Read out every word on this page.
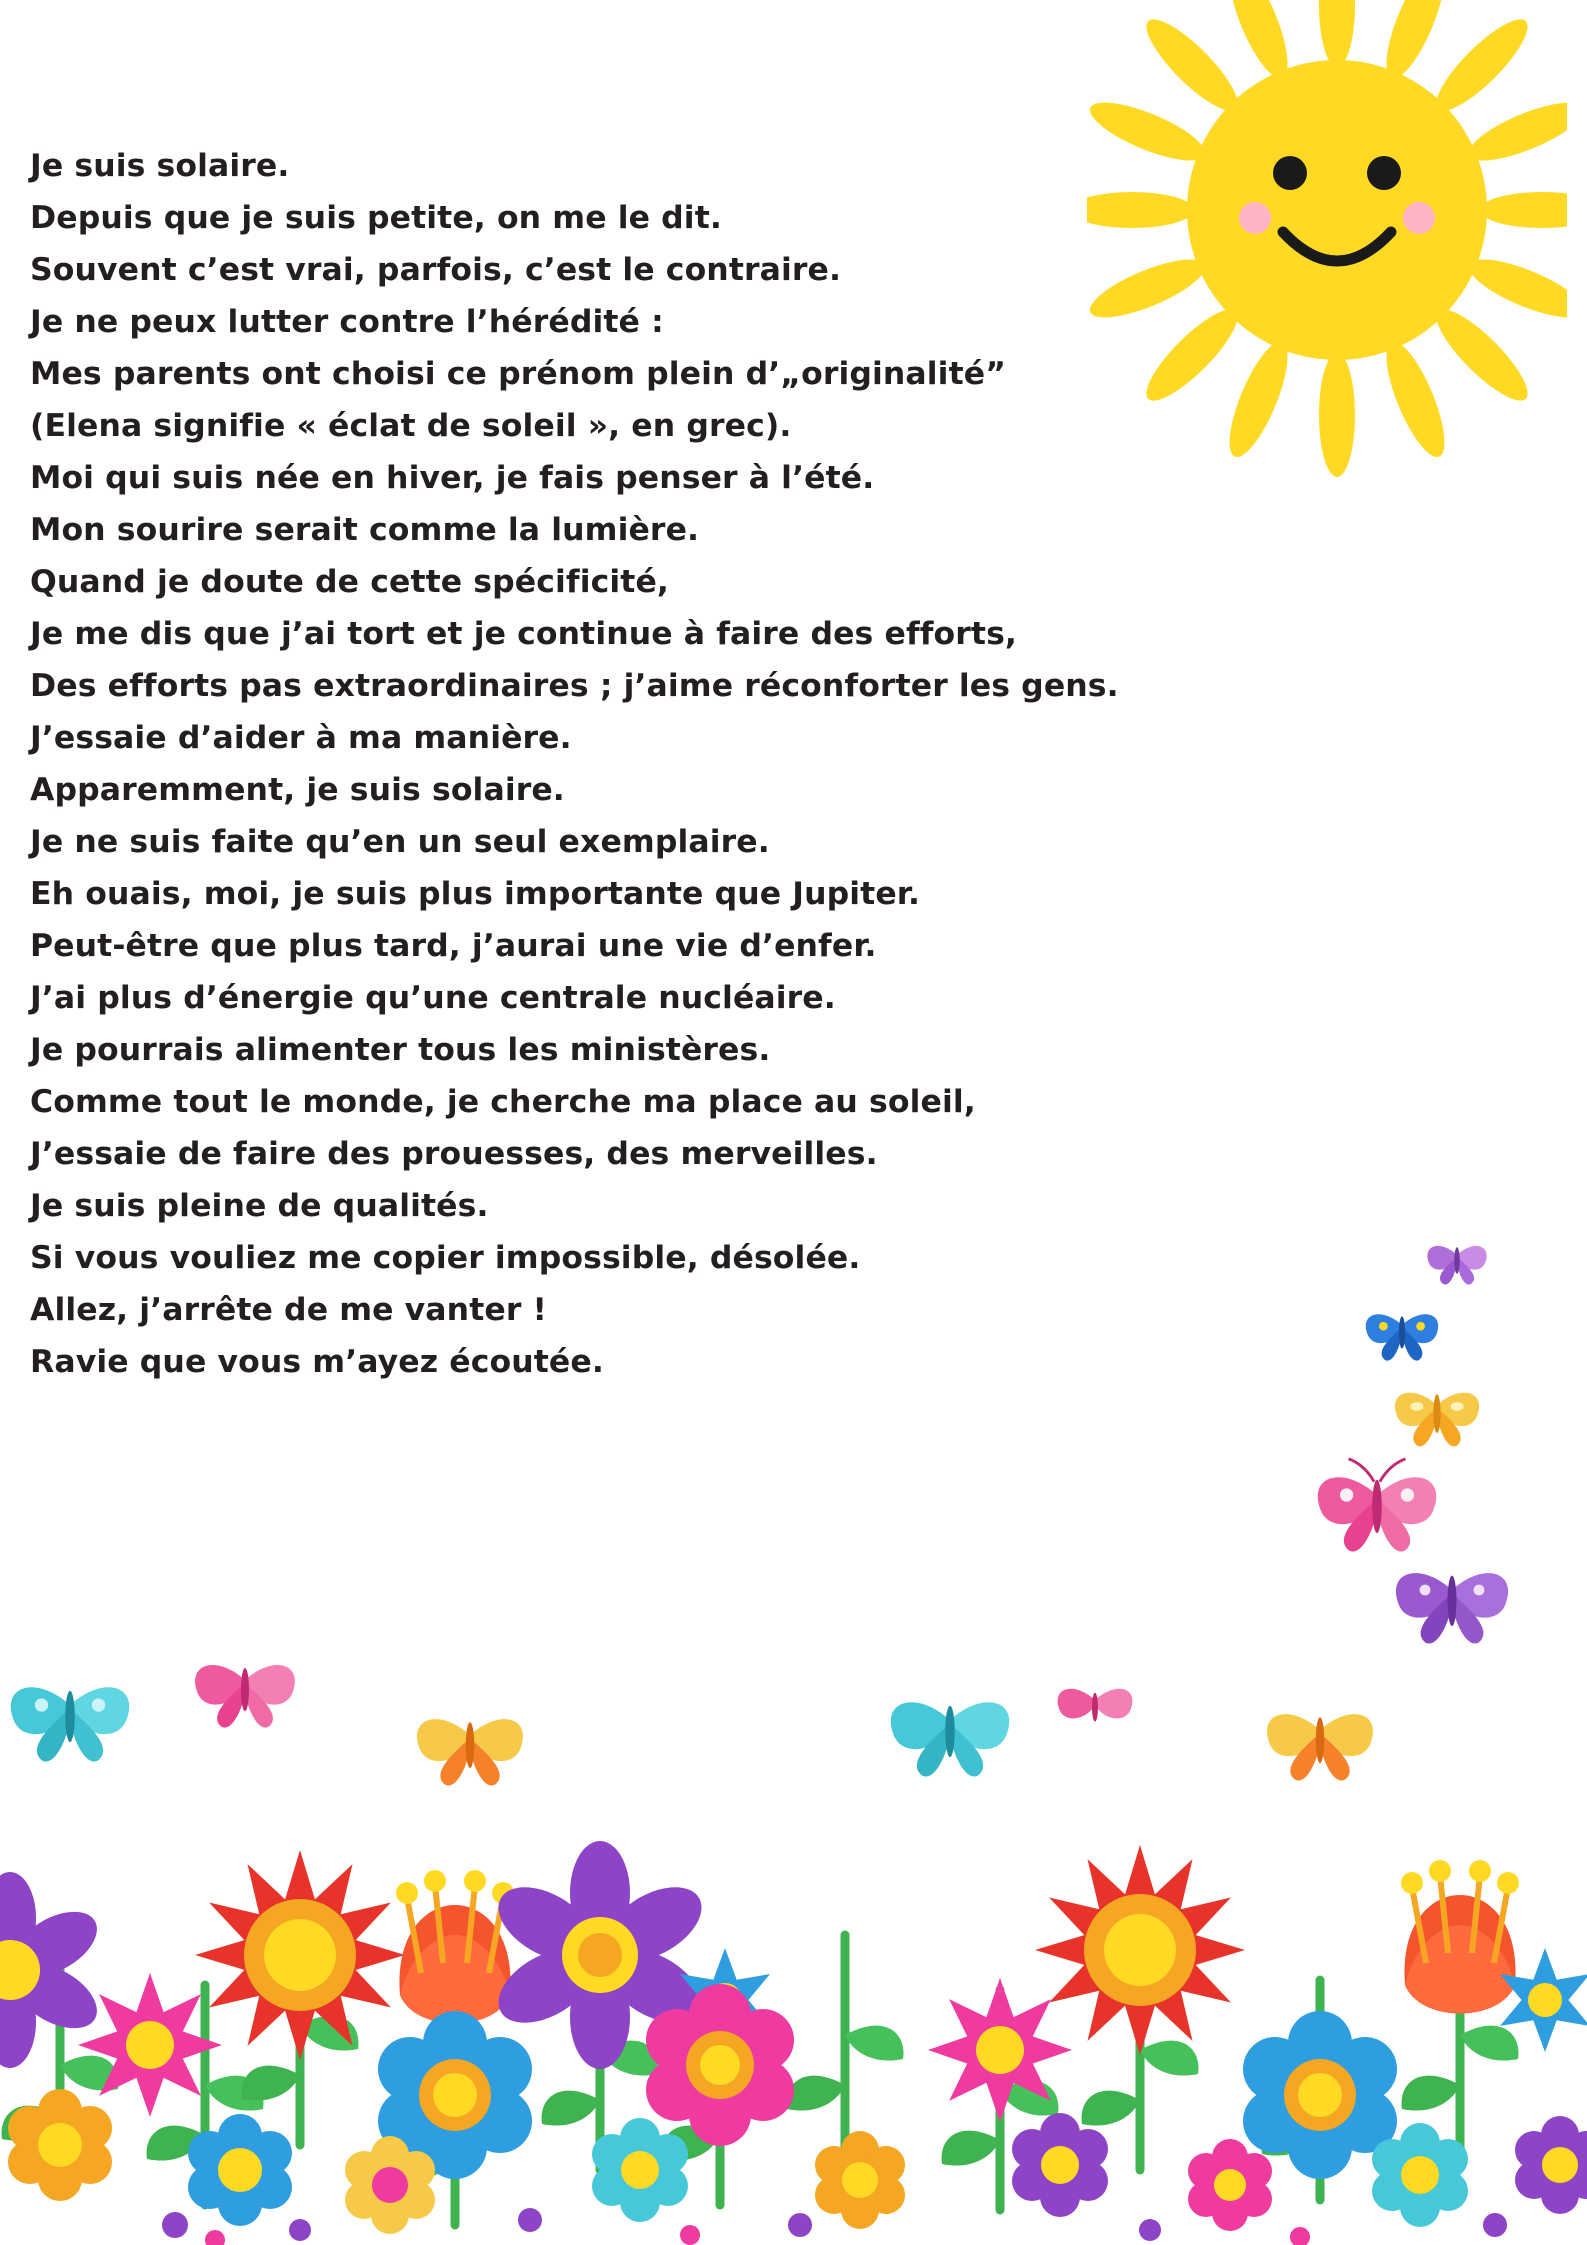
Je suis solaire.
Depuis que je suis petite, on me le dit.
Souvent c’est vrai, parfois, c’est le contraire.
Je ne peux lutter contre l’hérédité :
Mes parents ont choisi ce prénom plein d’„originalité”
(Elena signifie « éclat de soleil », en grec).
Moi qui suis née en hiver, je fais penser à l’été.
Mon sourire serait comme la lumière.
Quand je doute de cette spécificité,
Je me dis que j’ai tort et je continue à faire des efforts,
Des efforts pas extraordinaires ; j’aime réconforter les gens.
J’essaie d’aider à ma manière.
Apparemment, je suis solaire.
Je ne suis faite qu’en un seul exemplaire.
Eh ouais, moi, je suis plus importante que Jupiter.
Peut-être que plus tard, j’aurai une vie d’enfer.
J’ai plus d’énergie qu’une centrale nucléaire.
Je pourrais alimenter tous les ministères.
Comme tout le monde, je cherche ma place au soleil,
J’essaie de faire des prouesses, des merveilles.
Je suis pleine de qualités.
Si vous vouliez me copier impossible, désolée.
Allez, j’arrête de me vanter !
Ravie que vous m’ayez écoutée.
